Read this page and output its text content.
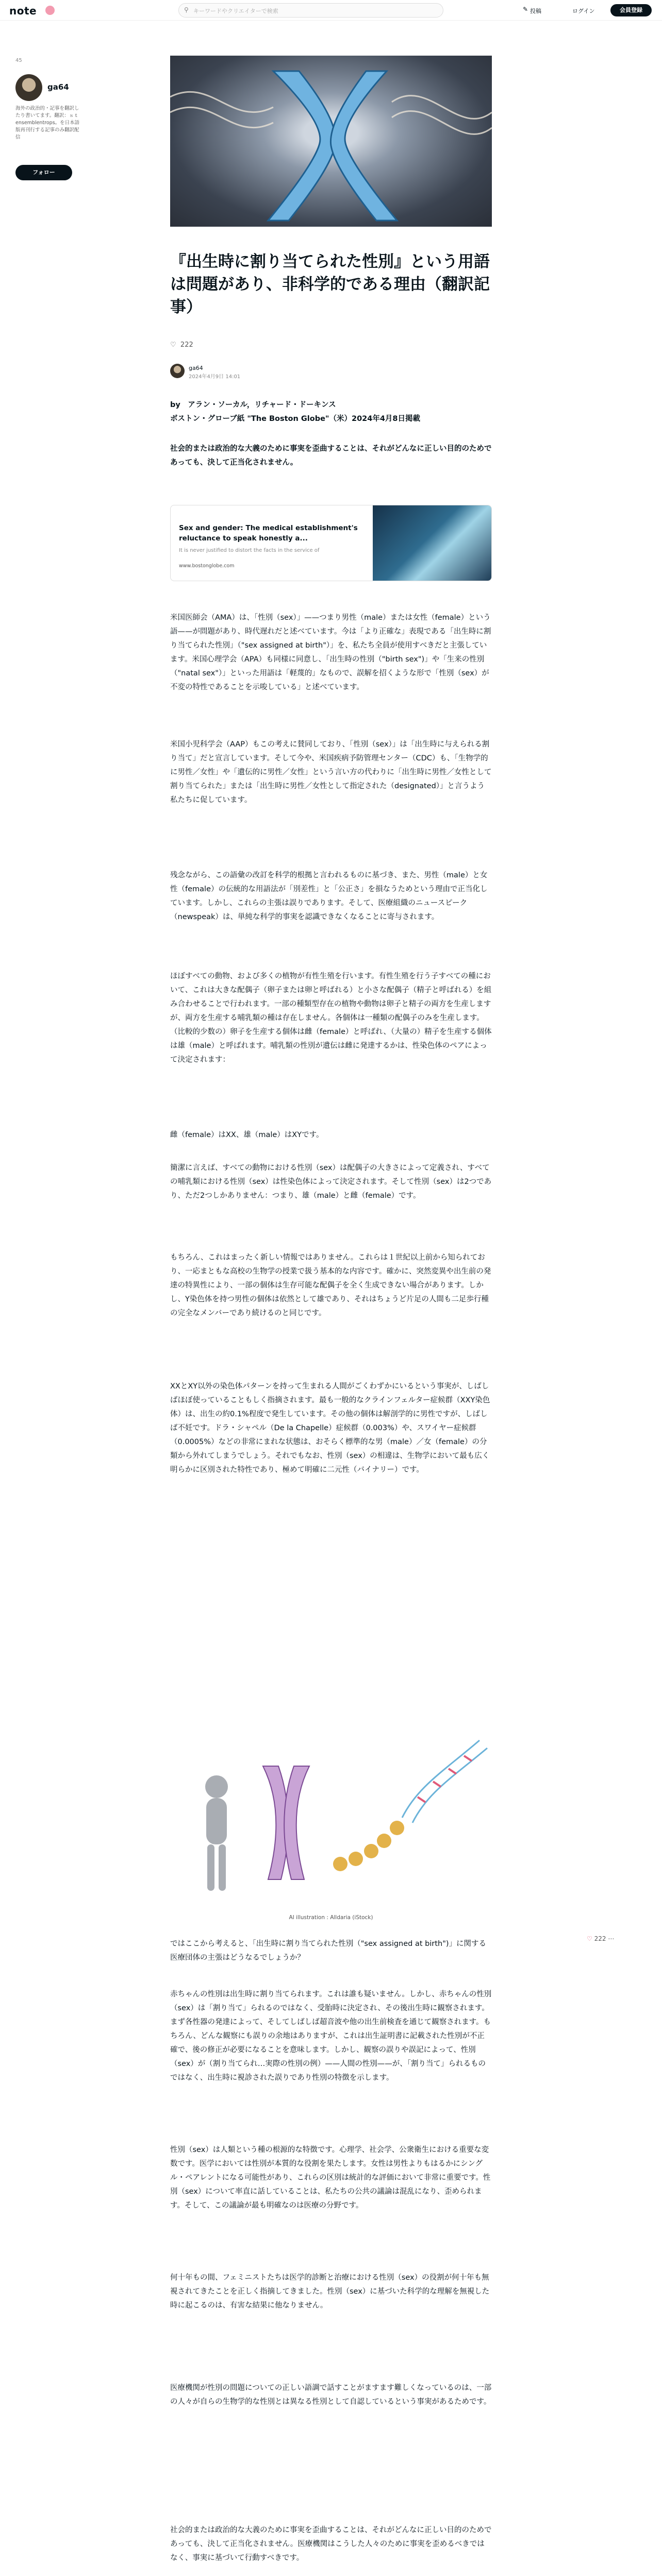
note	⚲ キーワードやクリエイターで検索	✎ 投稿	ログイン	会員登録
45
ga64
海外の政治的・記事を翻訳したり書いてます。翻訳：ｓｔ　ensemblentrops。を日本語版再刊行する記事のみ翻訳配信
フォロー
『出生時に割り当てられた性別』という用語は問題があり、非科学的である理由（翻訳記事）
♡ 222
ga64
2024年4月9日 14:01
by　アラン・ソーカル，リチャード・ドーキンス
ボストン・グローブ紙 "The Boston Globe"（米）2024年4月8日掲載
社会的または政治的な大義のために事実を歪曲することは、それがどんなに正しい目的のためであっても、決して正当化されません。
Sex and gender: The medical establishment's reluctance to speak honestly a...
It is never justified to distort the facts in the service of
www.bostonglobe.com
米国医師会（AMA）は、「性別（sex）」——つまり男性（male）または女性（female）という語——が問題があり、時代遅れだと述べています。今は「より正確な」表現である「出生時に割り当てられた性別」（"sex assigned at birth"）」を、私たち全員が使用すべきだと主張しています。米国心理学会（APA）も同様に同意し、「出生時の性別（"birth sex")」や「生来の性別（"natal sex"）」といった用語は「軽蔑的」なもので、誤解を招くような形で「性別（sex）が不変の特性であることを示唆している」と述べています。
米国小児科学会（AAP）もこの考えに賛同しており、「性別（sex）」は「出生時に与えられる割り当て」だと宣言しています。そして今や、米国疾病予防管理センター（CDC）も、「生物学的に男性／女性」や「遺伝的に男性／女性」という言い方の代わりに「出生時に男性／女性として割り当てられた」または「出生時に男性／女性として指定された（designated）」と言うよう私たちに促しています。
残念ながら、この語彙の改訂を科学的根拠と言われるものに基づき、また、男性（male）と女性（female）の伝統的な用語法が「別差性」と「公正さ」を損なうためという理由で正当化しています。しかし、これらの主張は誤りであります。そして、医療組織のニュースピーク（newspeak）は、単純な科学的事実を認識できなくなることに寄与されます。
ほぼすべての動物、および多くの植物が有性生殖を行います。有性生殖を行う子すべての種において、これは大きな配偶子（卵子または卵と呼ばれる）と小さな配偶子（精子と呼ばれる）を組み合わせることで行われます。一部の種類型存在の植物や動物は卵子と精子の両方を生産しますが、両方を生産する哺乳類の種は存在しません。各個体は一種類の配偶子のみを生産します。（比較的少数の）卵子を生産する個体は雌（female）と呼ばれ、（大量の）精子を生産する個体は雄（male）と呼ばれます。哺乳類の性別が遺伝は雌に発達するかは、性染色体のペアによって決定されます：
雌（female）はXX、雄（male）はXYです。
簡潔に言えば、すべての動物における性別（sex）は配偶子の大きさによって定義され、すべての哺乳類における性別（sex）は性染色体によって決定されます。そして性別（sex）は2つであり、ただ2つしかありません：つまり、雄（male）と雌（female）です。
もちろん、これはまったく新しい情報ではありません。これらは１世紀以上前から知られており、一応まともな高校の生物学の授業で扱う基本的な内容です。確かに、突然変異や出生前の発達の特異性により、一部の個体は生存可能な配偶子を全く生成できない場合があります。しかし、Y染色体を持つ男性の個体は依然として雄であり、それはちょうど片足の人間も二足歩行種の完全なメンバーであり続けるのと同じです。
XXとXY以外の染色体パターンを持って生まれる人間がごくわずかにいるという事実が、しばしばほぼ使っていることもしく指摘されます。最も一般的なクラインフェルター症候群（XXY染色体）は、出生の約0.1%程度で発生しています。その他の個体は解剖学的に男性ですが、しばしば不妊です。ドラ・シャペル（De la Chapelle）症候群（0.003%）や、スワイヤー症候群（0.0005%）などの非常にまれな状態は、おそらく標準的な男（male）／女（female）の分類から外れてしまうでしょう。それでもなお、性別（sex）の相違は、生物学において最も広く明らかに区別された特性であり、極めて明確に二元性（バイナリー）です。
AI illustration : Alldaria (iStock)
ではここから考えると、「出生時に割り当てられた性別（"sex assigned at birth")」に関する医療団体の主張はどうなるでしょうか？
赤ちゃんの性別は出生時に割り当てられます。これは誰も疑いません。しかし、赤ちゃんの性別（sex）は「割り当て」られるのではなく、受胎時に決定され、その後出生時に観察されます。まず各性器の発達によって、そしてしばしば超音波や他の出生前検査を通じて観察されます。もちろん、どんな観察にも誤りの余地はありますが、これは出生証明書に記載された性別が不正確で、後の修正が必要になることを意味します。しかし、観察の誤りや誤記によって、性別（sex）が（割り当てられ…実際の性別の例）——人間の性別——が、「割り当て」られるものではなく、出生時に視診された誤りであり性別の特徴を示します。
性別（sex）は人類という種の根源的な特徴です。心理学、社会学、公衆衛生における重要な変数です。医学においては性別が本質的な役割を果たします。女性は男性よりもはるかにシングル・ペアレントになる可能性があり、これらの区別は統計的な評価において非常に重要です。性別（sex）について率直に話していることは、私たちの公共の議論は混乱になり、歪められます。そして、この議論が最も明確なのは医療の分野です。
何十年もの間、フェミニストたちは医学的診断と治療における性別（sex）の役割が何十年も無視されてきたことを正しく指摘してきました。性別（sex）に基づいた科学的な理解を無視した時に起こるのは、有害な結果に他なりません。
医療機関が性別の問題についての正しい語調で話すことがますます難しくなっているのは、一部の人々が自らの生物学的な性別とは異なる性別として自認しているという事実があるためです。
社会的または政治的な大義のために事実を歪曲することは、それがどんなに正しい目的のためであっても、決して正当化されません。医療機関はこうした人々のために事実を歪めるべきではなく、事実に基づいて行動すべきです。
♡ 222 ⋯
